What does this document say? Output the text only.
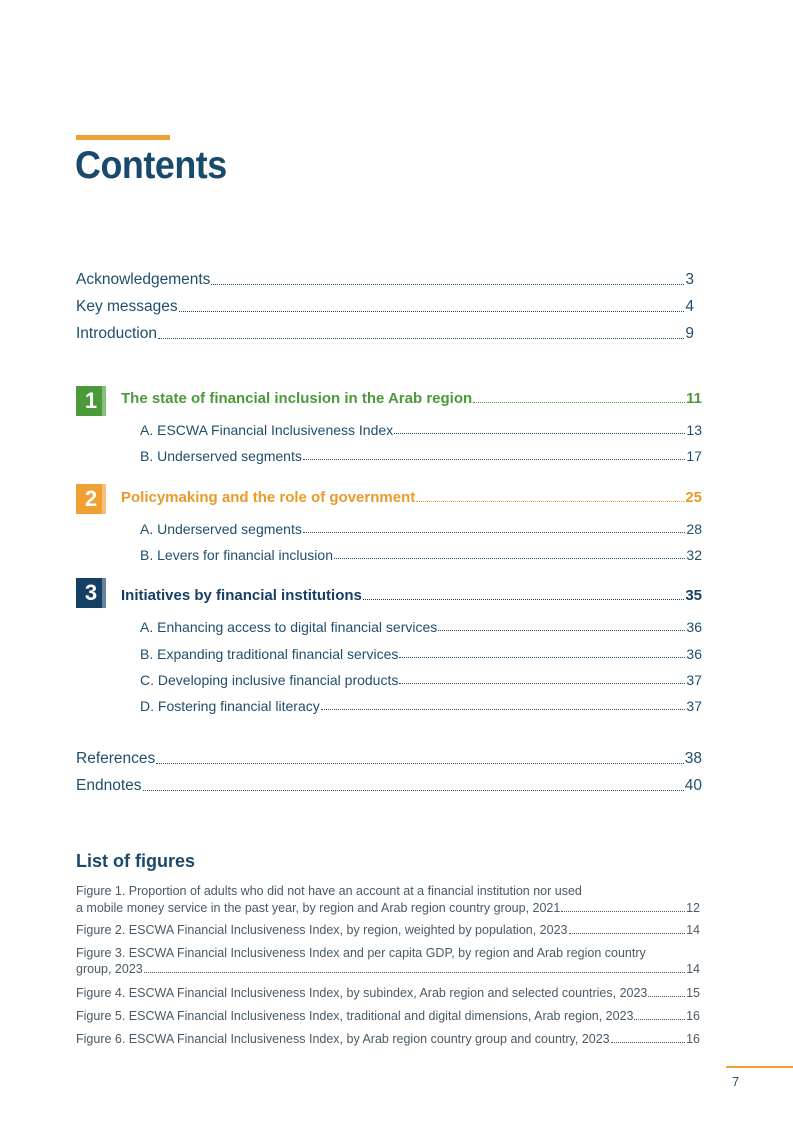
Contents
Acknowledgements	3
Key messages	4
Introduction	9
1	The state of financial inclusion in the Arab region	11
A. ESCWA Financial Inclusiveness Index	13
B. Underserved segments	17
2	Policymaking and the role of government	25
A. Underserved segments	28
B. Levers for financial inclusion	32
3	Initiatives by financial institutions	35
A. Enhancing access to digital financial services	36
B. Expanding traditional financial services	36
C. Developing inclusive financial products	37
D. Fostering financial literacy	37
References	38
Endnotes	40
List of figures
Figure 1. Proportion of adults who did not have an account at a financial institution nor used
a mobile money service in the past year, by region and Arab region country group, 2021	12
Figure 2. ESCWA Financial Inclusiveness Index, by region, weighted by population, 2023	14
Figure 3. ESCWA Financial Inclusiveness Index and per capita GDP, by region and Arab region country
group, 2023	14
Figure 4. ESCWA Financial Inclusiveness Index, by subindex, Arab region and selected countries, 2023	15
Figure 5. ESCWA Financial Inclusiveness Index, traditional and digital dimensions, Arab region, 2023	16
Figure 6. ESCWA Financial Inclusiveness Index, by Arab region country group and country, 2023	16
7
